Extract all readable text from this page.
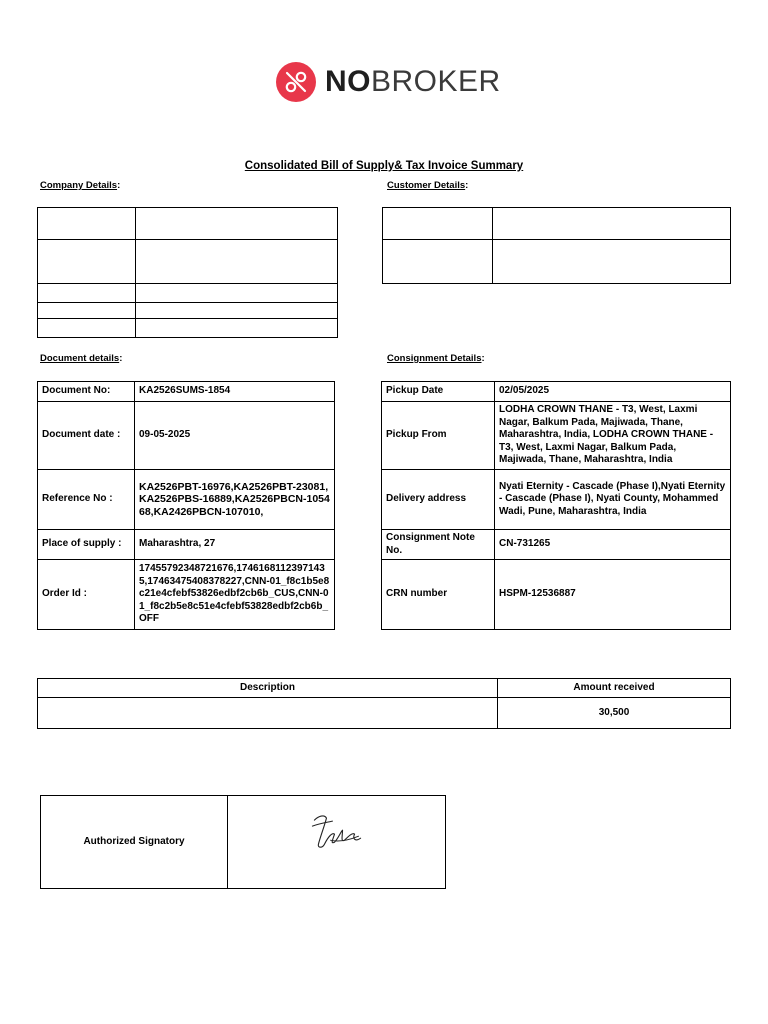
NOBROKER
Consolidated Bill of Supply& Tax Invoice Summary
Company Details:	Customer Details:

Document details:	Consignment Details:
Document No:	KA2526SUMS-1854
Document date :	09-05-2025
Reference No :	KA2526PBT-16976,KA2526PBT-23081,KA2526PBS-16889,KA2526PBCN-105468,KA2426PBCN-107010,
Place of supply :	Maharashtra, 27
Order Id :	17455792348721676,17461681123971435,17463475408378227,CNN-01_f8c1b5e8c21e4cfebf53826edbf2cb6b_CUS,CNN-01_f8c2b5e8c51e4cfebf53828edbf2cb6b_OFF
Pickup Date	02/05/2025
Pickup From	LODHA CROWN THANE - T3, West, Laxmi Nagar, Balkum Pada, Majiwada, Thane, Maharashtra, India, LODHA CROWN THANE - T3, West, Laxmi Nagar, Balkum Pada, Majiwada, Thane, Maharashtra, India
Delivery address	Nyati Eternity - Cascade (Phase I),Nyati Eternity - Cascade (Phase I), Nyati County, Mohammed Wadi, Pune, Maharashtra, India
Consignment Note No.	CN-731265
CRN number	HSPM-12536887
Description	Amount received
	30,500
Authorized Signatory	
